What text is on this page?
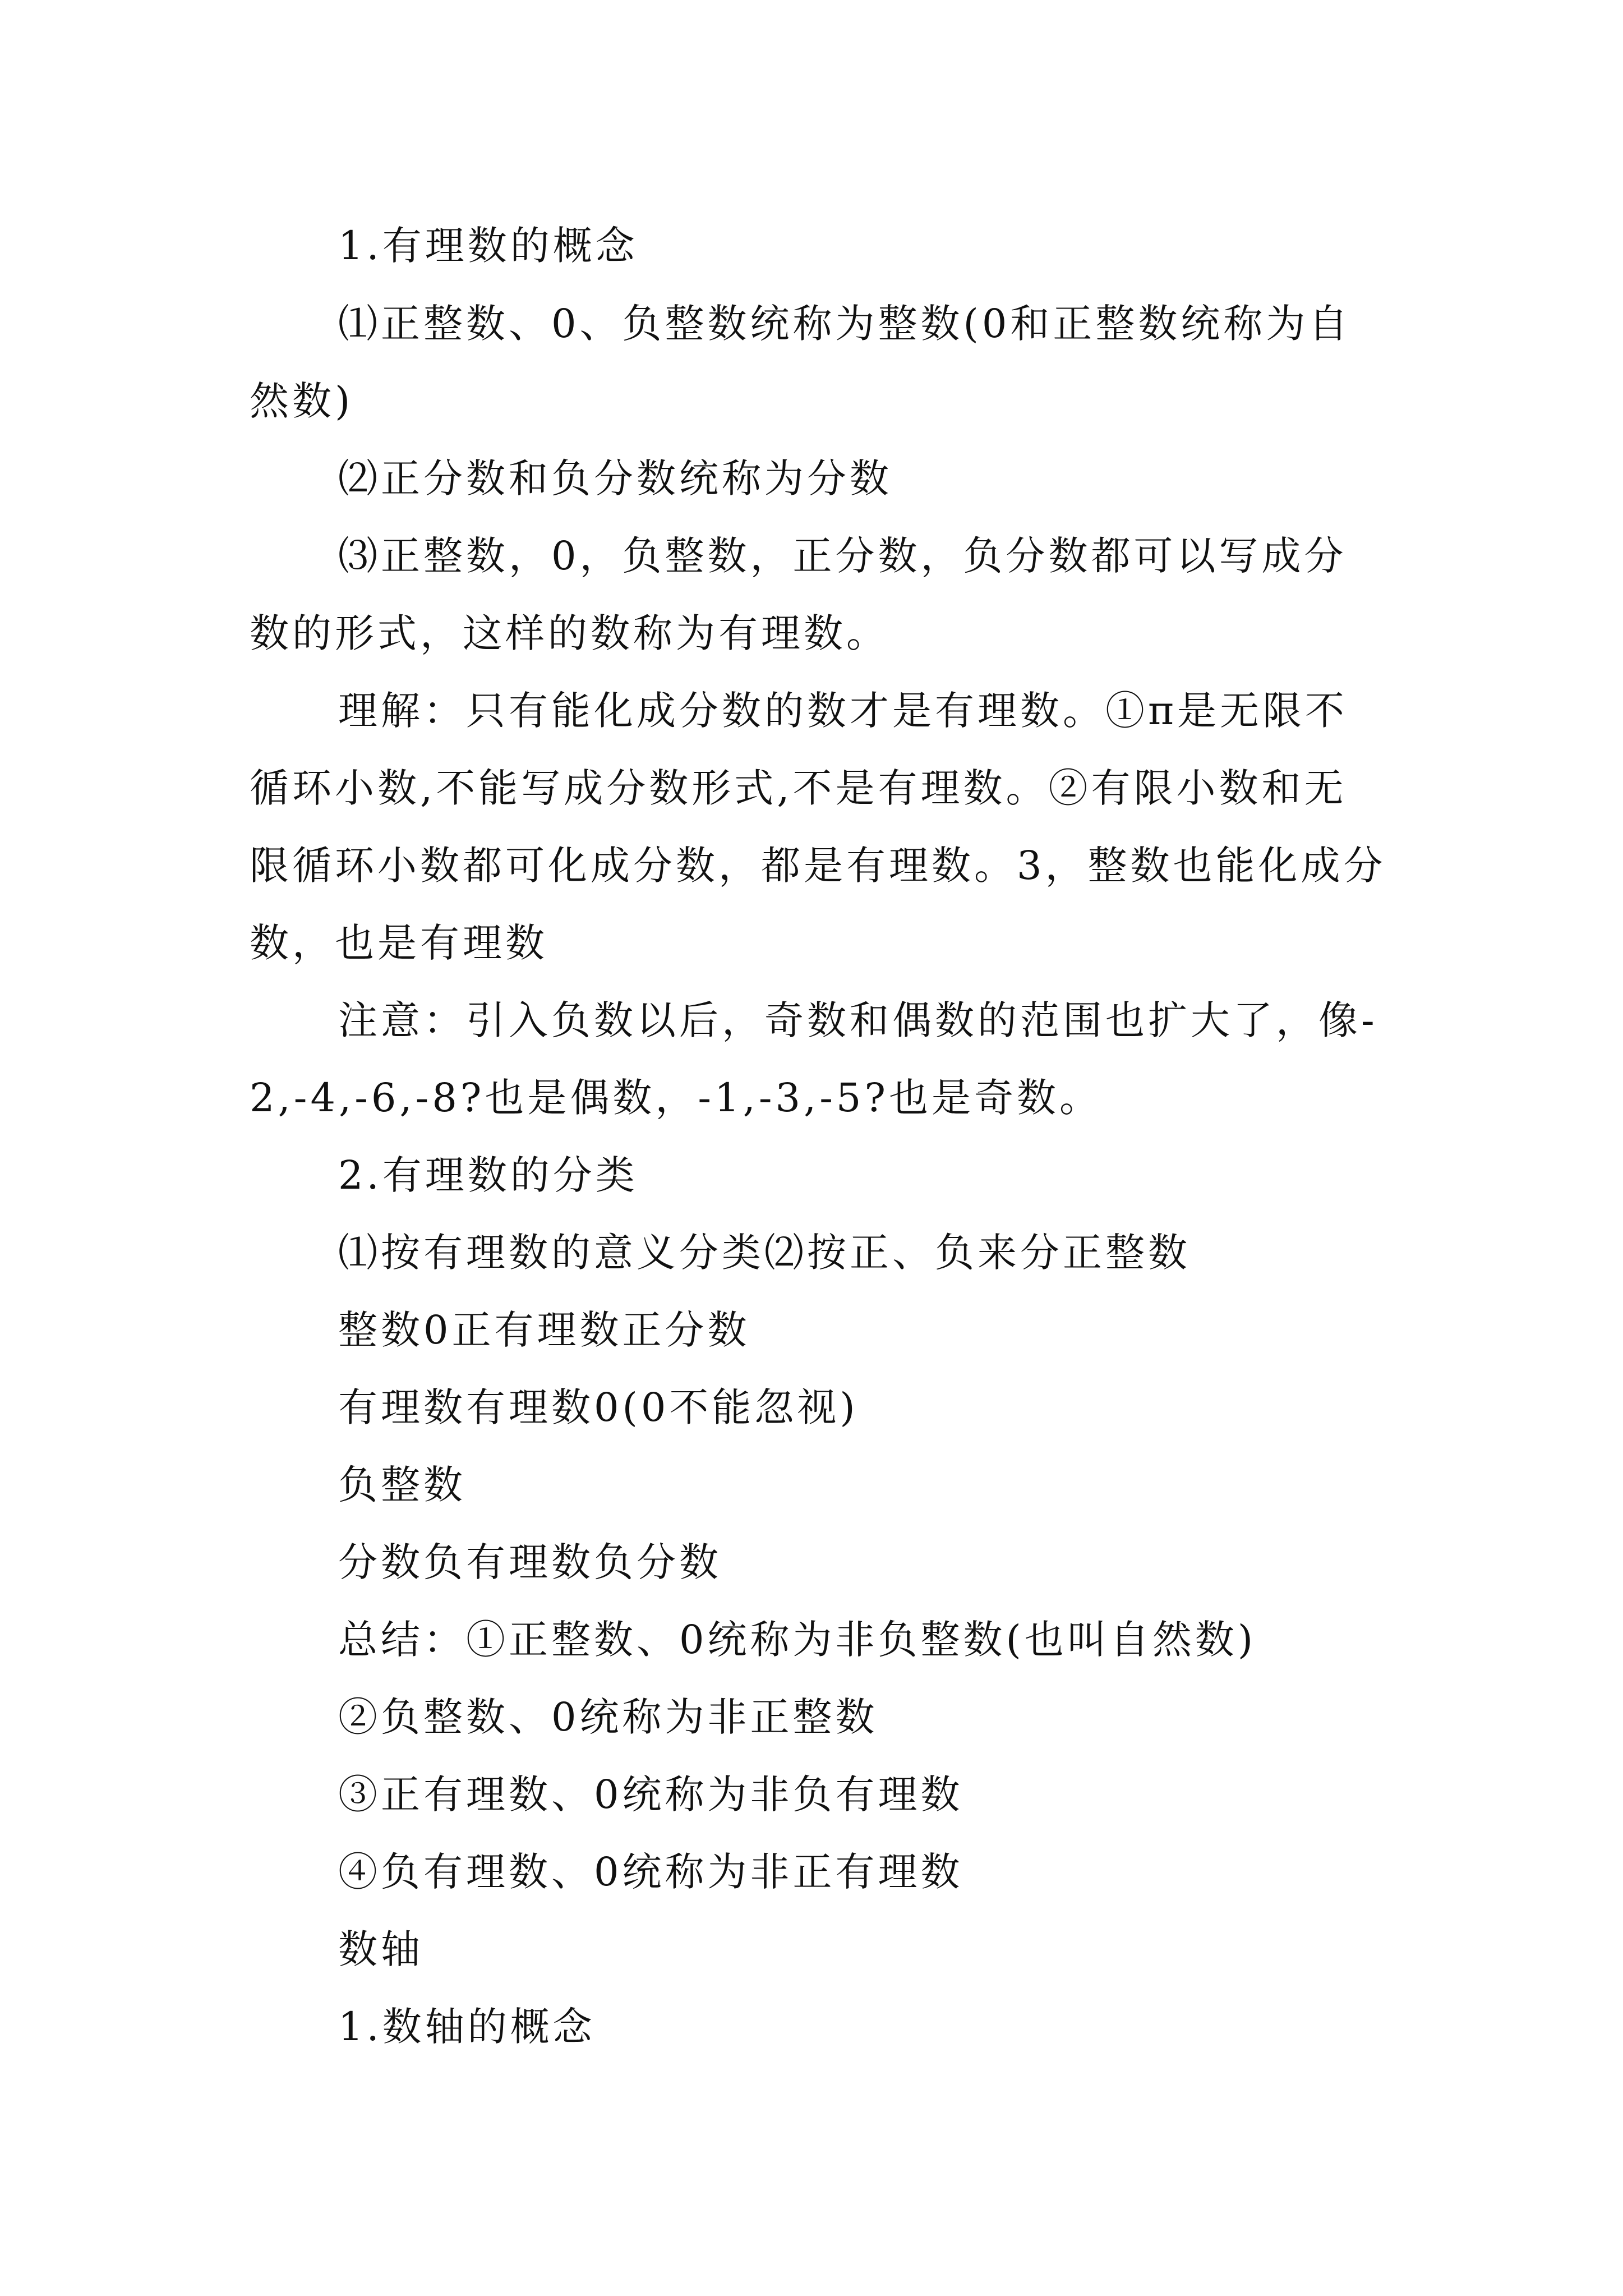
1.有理数的概念

⑴正整数、0、负整数统称为整数(0和正整数统称为自然数)

⑵正分数和负分数统称为分数

⑶正整数，0，负整数，正分数，负分数都可以写成分数的形式，这样的数称为有理数。

理解：只有能化成分数的数才是有理数。①π是无限不循环小数,不能写成分数形式,不是有理数。②有限小数和无限循环小数都可化成分数，都是有理数。3，整数也能化成分数，也是有理数

注意：引入负数以后，奇数和偶数的范围也扩大了，像-2,-4,-6,-8?也是偶数，-1,-3,-5?也是奇数。

2.有理数的分类

⑴按有理数的意义分类⑵按正、负来分正整数

整数0正有理数正分数

有理数有理数0(0不能忽视)

负整数

分数负有理数负分数

总结：①正整数、0统称为非负整数(也叫自然数)

②负整数、0统称为非正整数

③正有理数、0统称为非负有理数

④负有理数、0统称为非正有理数

数轴

1.数轴的概念
